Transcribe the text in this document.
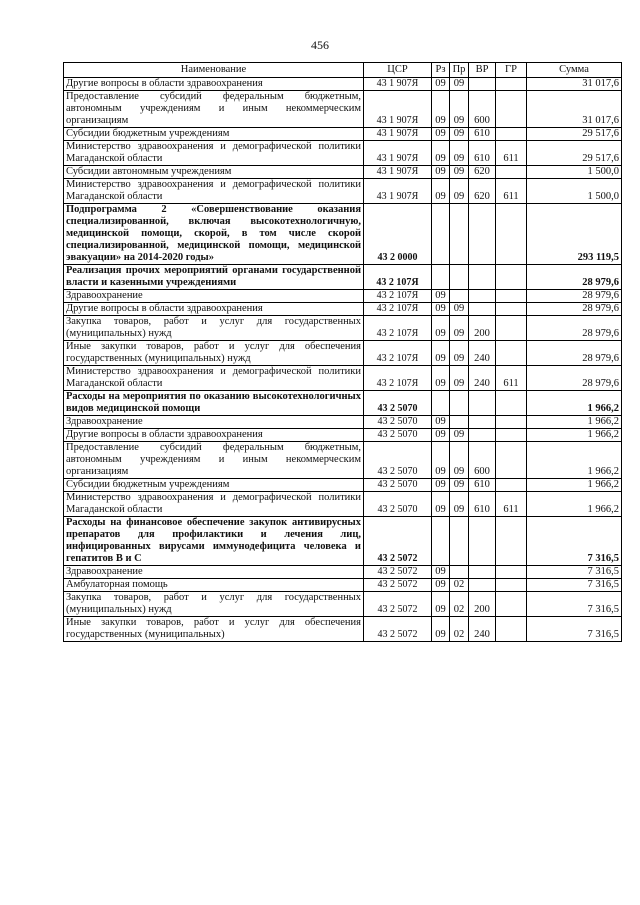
456
Наименование	ЦСР	Рз	Пр	ВР	ГР	Сумма
Другие вопросы в области здравоохранения	43 1 907Я	09	09			31 017,6
Предоставление субсидий федеральным бюджетным, автономным учреждениям и иным некоммерческим организациям	43 1 907Я	09	09	600		31 017,6
Субсидии бюджетным учреждениям	43 1 907Я	09	09	610		29 517,6
Министерство здравоохранения и демографической политики Магаданской области	43 1 907Я	09	09	610	611	29 517,6
Субсидии автономным учреждениям	43 1 907Я	09	09	620		1 500,0
Министерство здравоохранения и демографической политики Магаданской области	43 1 907Я	09	09	620	611	1 500,0
Подпрограмма 2 «Совершенствование оказания специализированной, включая высокотехнологичную, медицинской помощи, скорой, в том числе скорой специализированной, медицинской помощи, медицинской эвакуации» на 2014-2020 годы»	43 2 0000					293 119,5
Реализация прочих мероприятий органами государственной власти и казенными учреждениями	43 2 107Я					28 979,6
Здравоохранение	43 2 107Я	09				28 979,6
Другие вопросы в области здравоохранения	43 2 107Я	09	09			28 979,6
Закупка товаров, работ и услуг для государственных (муниципальных) нужд	43 2 107Я	09	09	200		28 979,6
Иные закупки товаров, работ и услуг для обеспечения государственных (муниципальных) нужд	43 2 107Я	09	09	240		28 979,6
Министерство здравоохранения и демографической политики Магаданской области	43 2 107Я	09	09	240	611	28 979,6
Расходы на мероприятия по оказанию высокотехнологичных видов медицинской помощи	43 2 5070					1 966,2
Здравоохранение	43 2 5070	09				1 966,2
Другие вопросы в области здравоохранения	43 2 5070	09	09			1 966,2
Предоставление субсидий федеральным бюджетным, автономным учреждениям и иным некоммерческим организациям	43 2 5070	09	09	600		1 966,2
Субсидии бюджетным учреждениям	43 2 5070	09	09	610		1 966,2
Министерство здравоохранения и демографической политики Магаданской области	43 2 5070	09	09	610	611	1 966,2
Расходы на финансовое обеспечение закупок антивирусных препаратов для профилактики и лечения лиц, инфицированных вирусами иммунодефицита человека и гепатитов В и С	43 2 5072					7 316,5
Здравоохранение	43 2 5072	09				7 316,5
Амбулаторная помощь	43 2 5072	09	02			7 316,5
Закупка товаров, работ и услуг для государственных (муниципальных) нужд	43 2 5072	09	02	200		7 316,5
Иные закупки товаров, работ и услуг для обеспечения государственных (муниципальных)	43 2 5072	09	02	240		7 316,5
